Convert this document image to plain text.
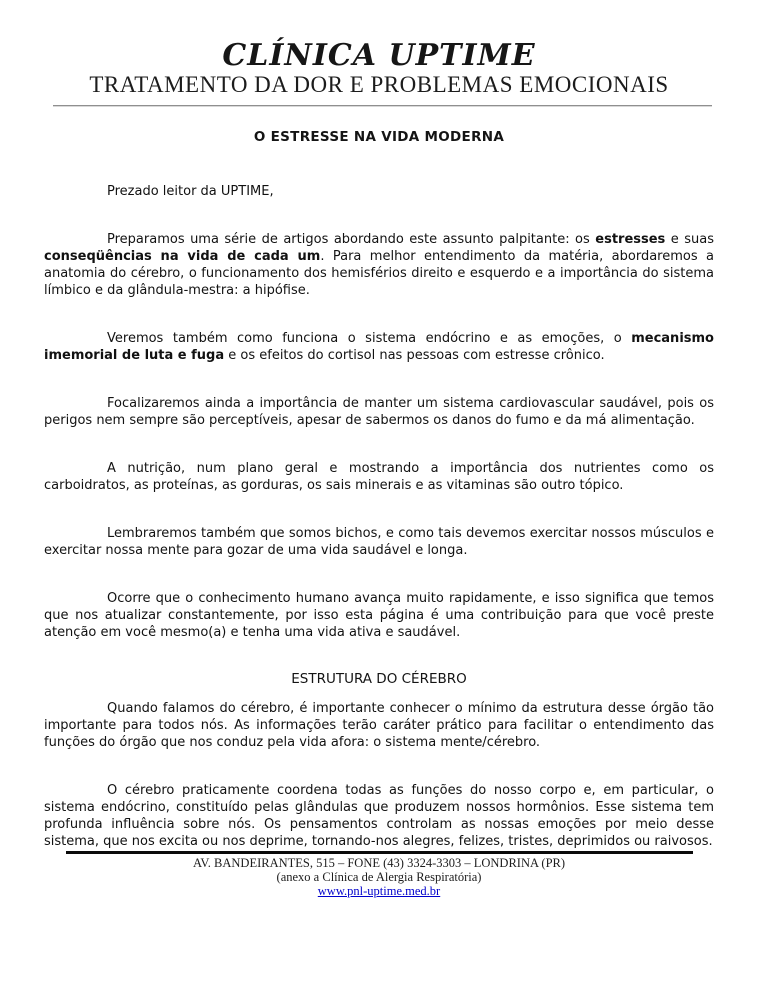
CLÍNICA UPTIME
TRATAMENTO DA DOR E PROBLEMAS EMOCIONAIS
O ESTRESSE NA VIDA MODERNA

Prezado leitor da UPTIME,

Preparamos uma série de artigos abordando este assunto palpitante: os estresses e suas conseqüências na vida de cada um. Para melhor entendimento da matéria, abordaremos a anatomia do cérebro, o funcionamento dos hemisférios direito e esquerdo e a importância do sistema límbico e da glândula-mestra: a hipófise.

Veremos também como funciona o sistema endócrino e as emoções, o mecanismo imemorial de luta e fuga e os efeitos do cortisol nas pessoas com estresse crônico.

Focalizaremos ainda a importância de manter um sistema cardiovascular saudável, pois os perigos nem sempre são perceptíveis, apesar de sabermos os danos do fumo e da má alimentação.

A nutrição, num plano geral e mostrando a importância dos nutrientes como os carboidratos, as proteínas, as gorduras, os sais minerais e as vitaminas são outro tópico.

Lembraremos também que somos bichos, e como tais devemos exercitar nossos músculos e exercitar nossa mente para gozar de uma vida saudável e longa.

Ocorre que o conhecimento humano avança muito rapidamente, e isso significa que temos que nos atualizar constantemente, por isso esta página é uma contribuição para que você preste atenção em você mesmo(a) e tenha uma vida ativa e saudável.

ESTRUTURA DO CÉREBRO

Quando falamos do cérebro, é importante conhecer o mínimo da estrutura desse órgão tão importante para todos nós. As informações terão caráter prático para facilitar o entendimento das funções do órgão que nos conduz pela vida afora: o sistema mente/cérebro.

O cérebro praticamente coordena todas as funções do nosso corpo e, em particular, o sistema endócrino, constituído pelas glândulas que produzem nossos hormônios. Esse sistema tem profunda influência sobre nós. Os pensamentos controlam as nossas emoções por meio desse sistema, que nos excita ou nos deprime, tornando-nos alegres, felizes, tristes, deprimidos ou raivosos.

AV. BANDEIRANTES, 515 – FONE (43) 3324-3303 – LONDRINA (PR)
(anexo a Clínica de Alergia Respiratória)
www.pnl-uptime.med.br
